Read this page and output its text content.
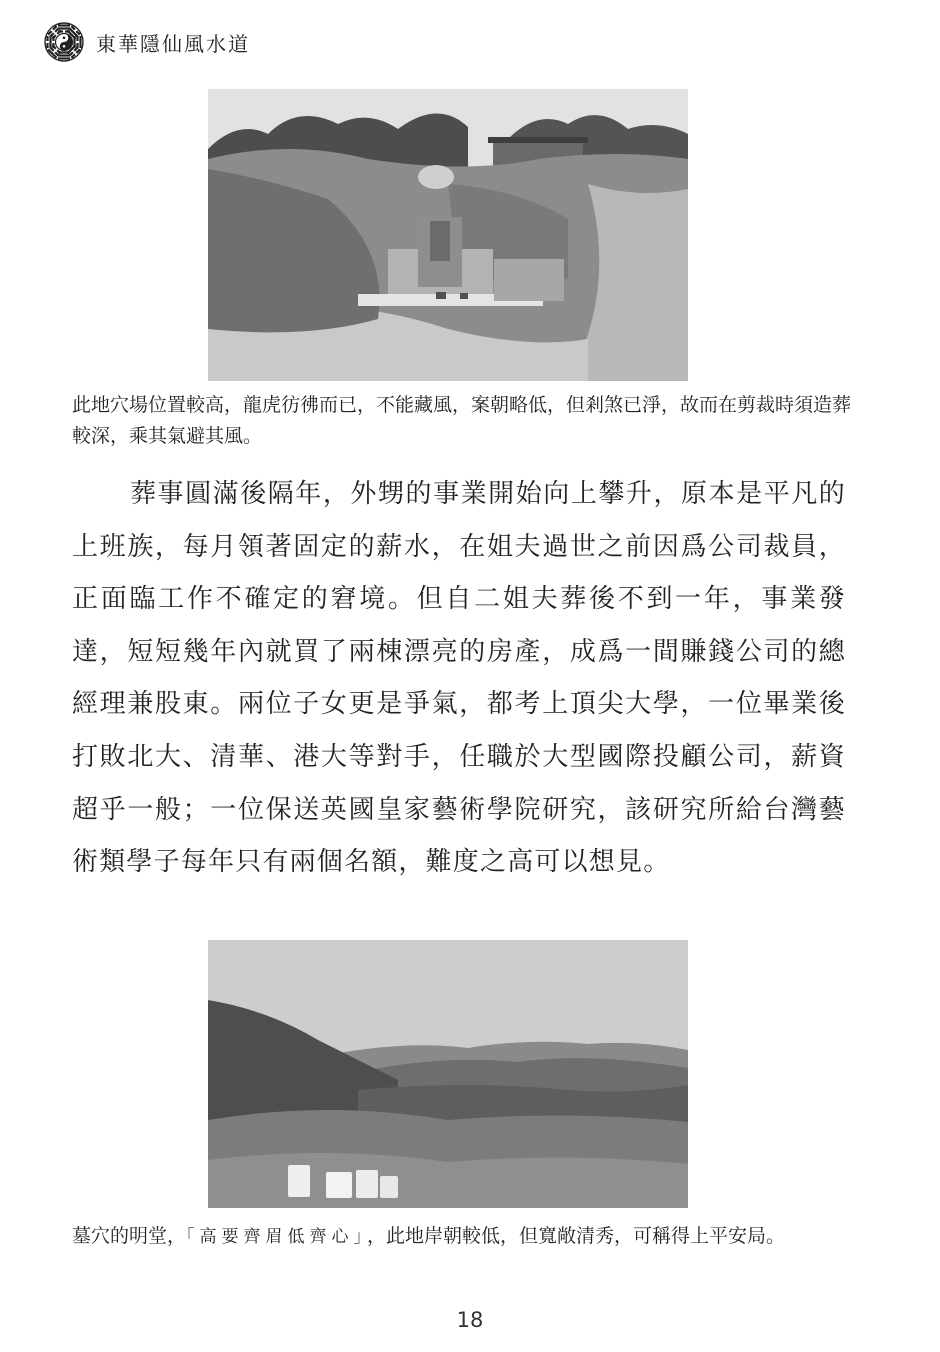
東華隱仙風水道

此地穴場位置較高，龍虎彷彿而已，不能藏風，案朝略低，但剎煞已淨，故而在剪裁時須造葬較深，乘其氣避其風。

葬事圓滿後隔年，外甥的事業開始向上攀升，原本是平凡的上班族，每月領著固定的薪水，在姐夫過世之前因爲公司裁員，正面臨工作不確定的窘境。但自二姐夫葬後不到一年，事業發達，短短幾年內就買了兩棟漂亮的房產，成爲一間賺錢公司的總經理兼股東。兩位子女更是爭氣，都考上頂尖大學，一位畢業後打敗北大、清華、港大等對手，任職於大型國際投顧公司，薪資超乎一般；一位保送英國皇家藝術學院研究，該研究所給台灣藝術類學子每年只有兩個名額，難度之高可以想見。

墓穴的明堂，「高要齊眉低齊心」，此地岸朝較低，但寬敞清秀，可稱得上平安局。

18
